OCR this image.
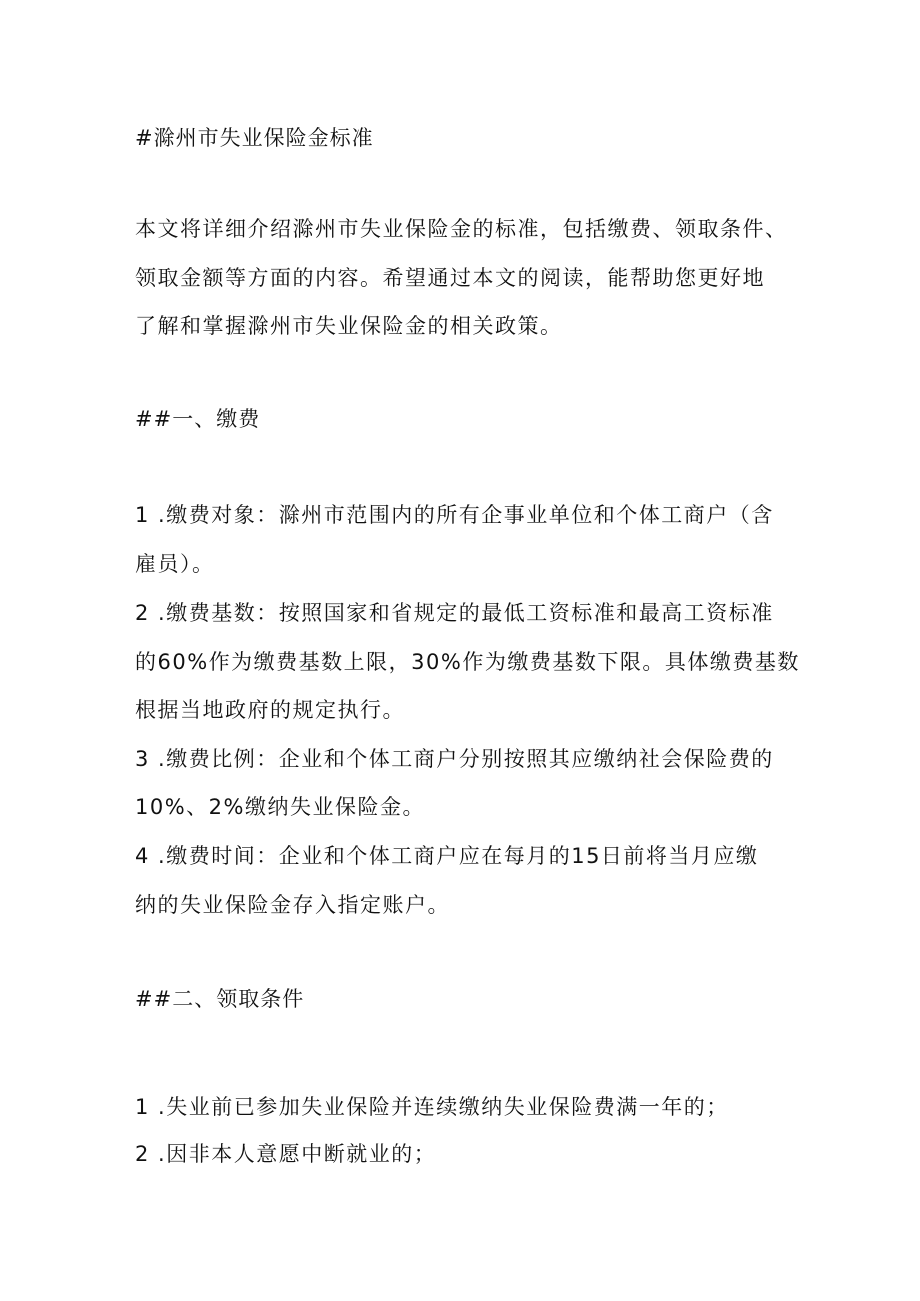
#滁州市失业保险金标准
本文将详细介绍滁州市失业保险金的标准，包括缴费、领取条件、
领取金额等方面的内容。希望通过本文的阅读，能帮助您更好地
了解和掌握滁州市失业保险金的相关政策。
##一、缴费
1 .缴费对象：滁州市范围内的所有企事业单位和个体工商户（含
雇员）。
2 .缴费基数：按照国家和省规定的最低工资标准和最高工资标准
的60%作为缴费基数上限，30%作为缴费基数下限。具体缴费基数
根据当地政府的规定执行。
3 .缴费比例：企业和个体工商户分别按照其应缴纳社会保险费的
10%、2%缴纳失业保险金。
4 .缴费时间：企业和个体工商户应在每月的15日前将当月应缴
纳的失业保险金存入指定账户。
##二、领取条件
1 .失业前已参加失业保险并连续缴纳失业保险费满一年的；
2 .因非本人意愿中断就业的；
